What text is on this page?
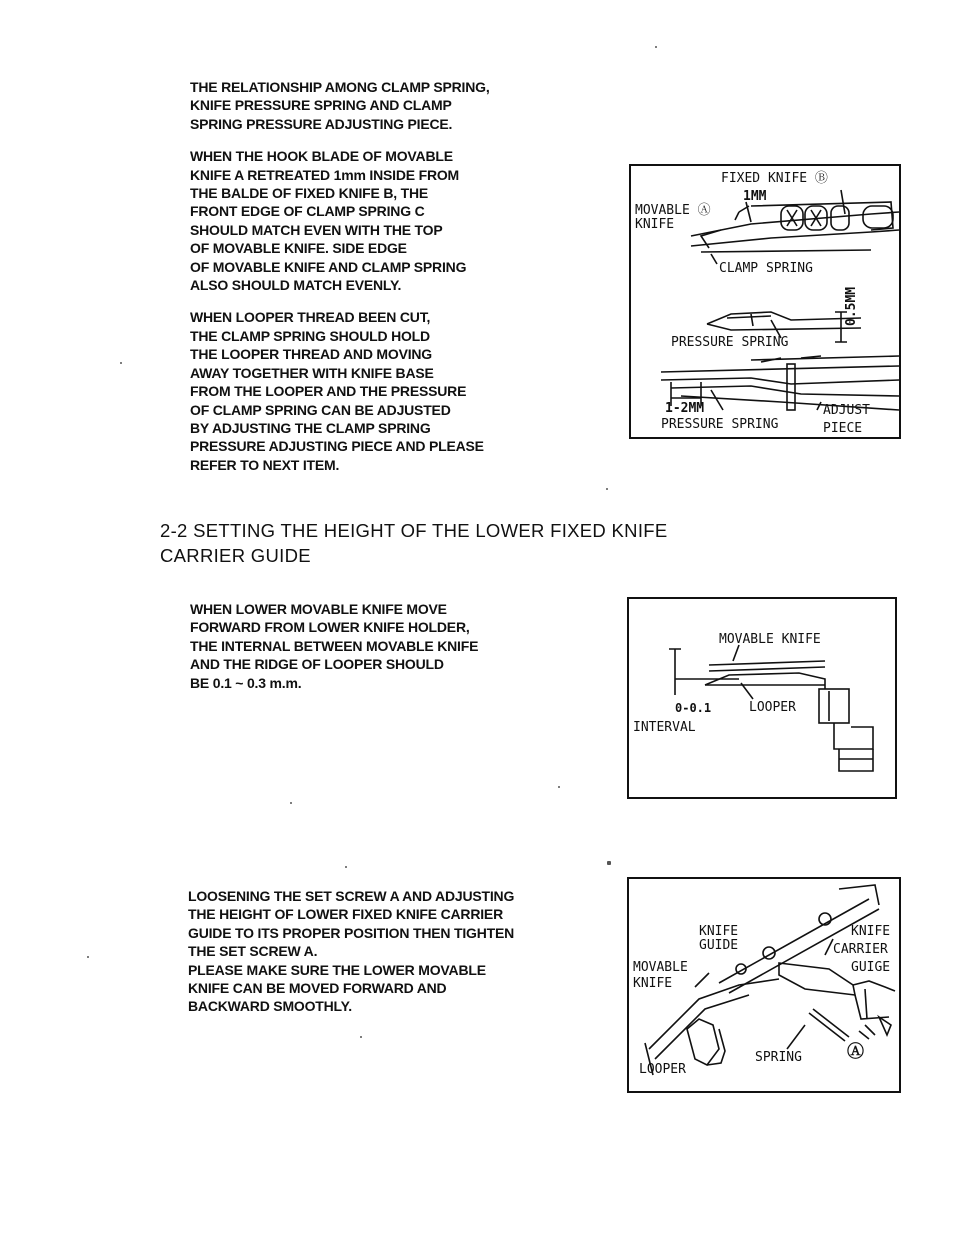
THE RELATIONSHIP AMONG CLAMP SPRING,
KNIFE PRESSURE SPRING AND CLAMP
SPRING PRESSURE ADJUSTING PIECE.

WHEN THE HOOK BLADE OF MOVABLE
KNIFE A RETREATED 1mm INSIDE FROM
THE BALDE OF FIXED KNIFE B, THE
FRONT EDGE OF CLAMP SPRING C
SHOULD MATCH EVEN WITH THE TOP
OF MOVABLE KNIFE. SIDE EDGE
OF MOVABLE KNIFE AND CLAMP SPRING
ALSO SHOULD MATCH EVENLY.

WHEN LOOPER THREAD BEEN CUT,
THE CLAMP SPRING SHOULD HOLD
THE LOOPER THREAD AND MOVING
AWAY TOGETHER WITH KNIFE BASE
FROM THE LOOPER AND THE PRESSURE
OF CLAMP SPRING CAN BE ADJUSTED
BY ADJUSTING THE CLAMP SPRING
PRESSURE ADJUSTING PIECE AND PLEASE
REFER TO NEXT ITEM.

FIXED KNIFE Ⓑ
1MM
MOVABLE Ⓐ
KNIFE
CLAMP SPRING
0.5MM
PRESSURE SPRING
1-2MM	ADJUST
PRESSURE SPRING	PIECE
2-2 SETTING THE HEIGHT OF THE LOWER FIXED KNIFE
CARRIER GUIDE

WHEN LOWER MOVABLE KNIFE MOVE
FORWARD FROM LOWER KNIFE HOLDER,
THE INTERNAL BETWEEN MOVABLE KNIFE
AND THE RIDGE OF LOOPER SHOULD
BE 0.1 ~ 0.3 m.m.

MOVABLE KNIFE
0-0.1	LOOPER
INTERVAL

LOOSENING THE SET SCREW A AND ADJUSTING
THE HEIGHT OF LOWER FIXED KNIFE CARRIER
GUIDE TO ITS PROPER POSITION THEN TIGHTEN
THE SET SCREW A.
PLEASE MAKE SURE THE LOWER MOVABLE
KNIFE CAN BE MOVED FORWARD AND
BACKWARD SMOOTHLY.

KNIFE
GUIDE
KNIFE
CARRIER
GUIGE
MOVABLE
KNIFE
LOOPER
SPRING	Ⓐ
